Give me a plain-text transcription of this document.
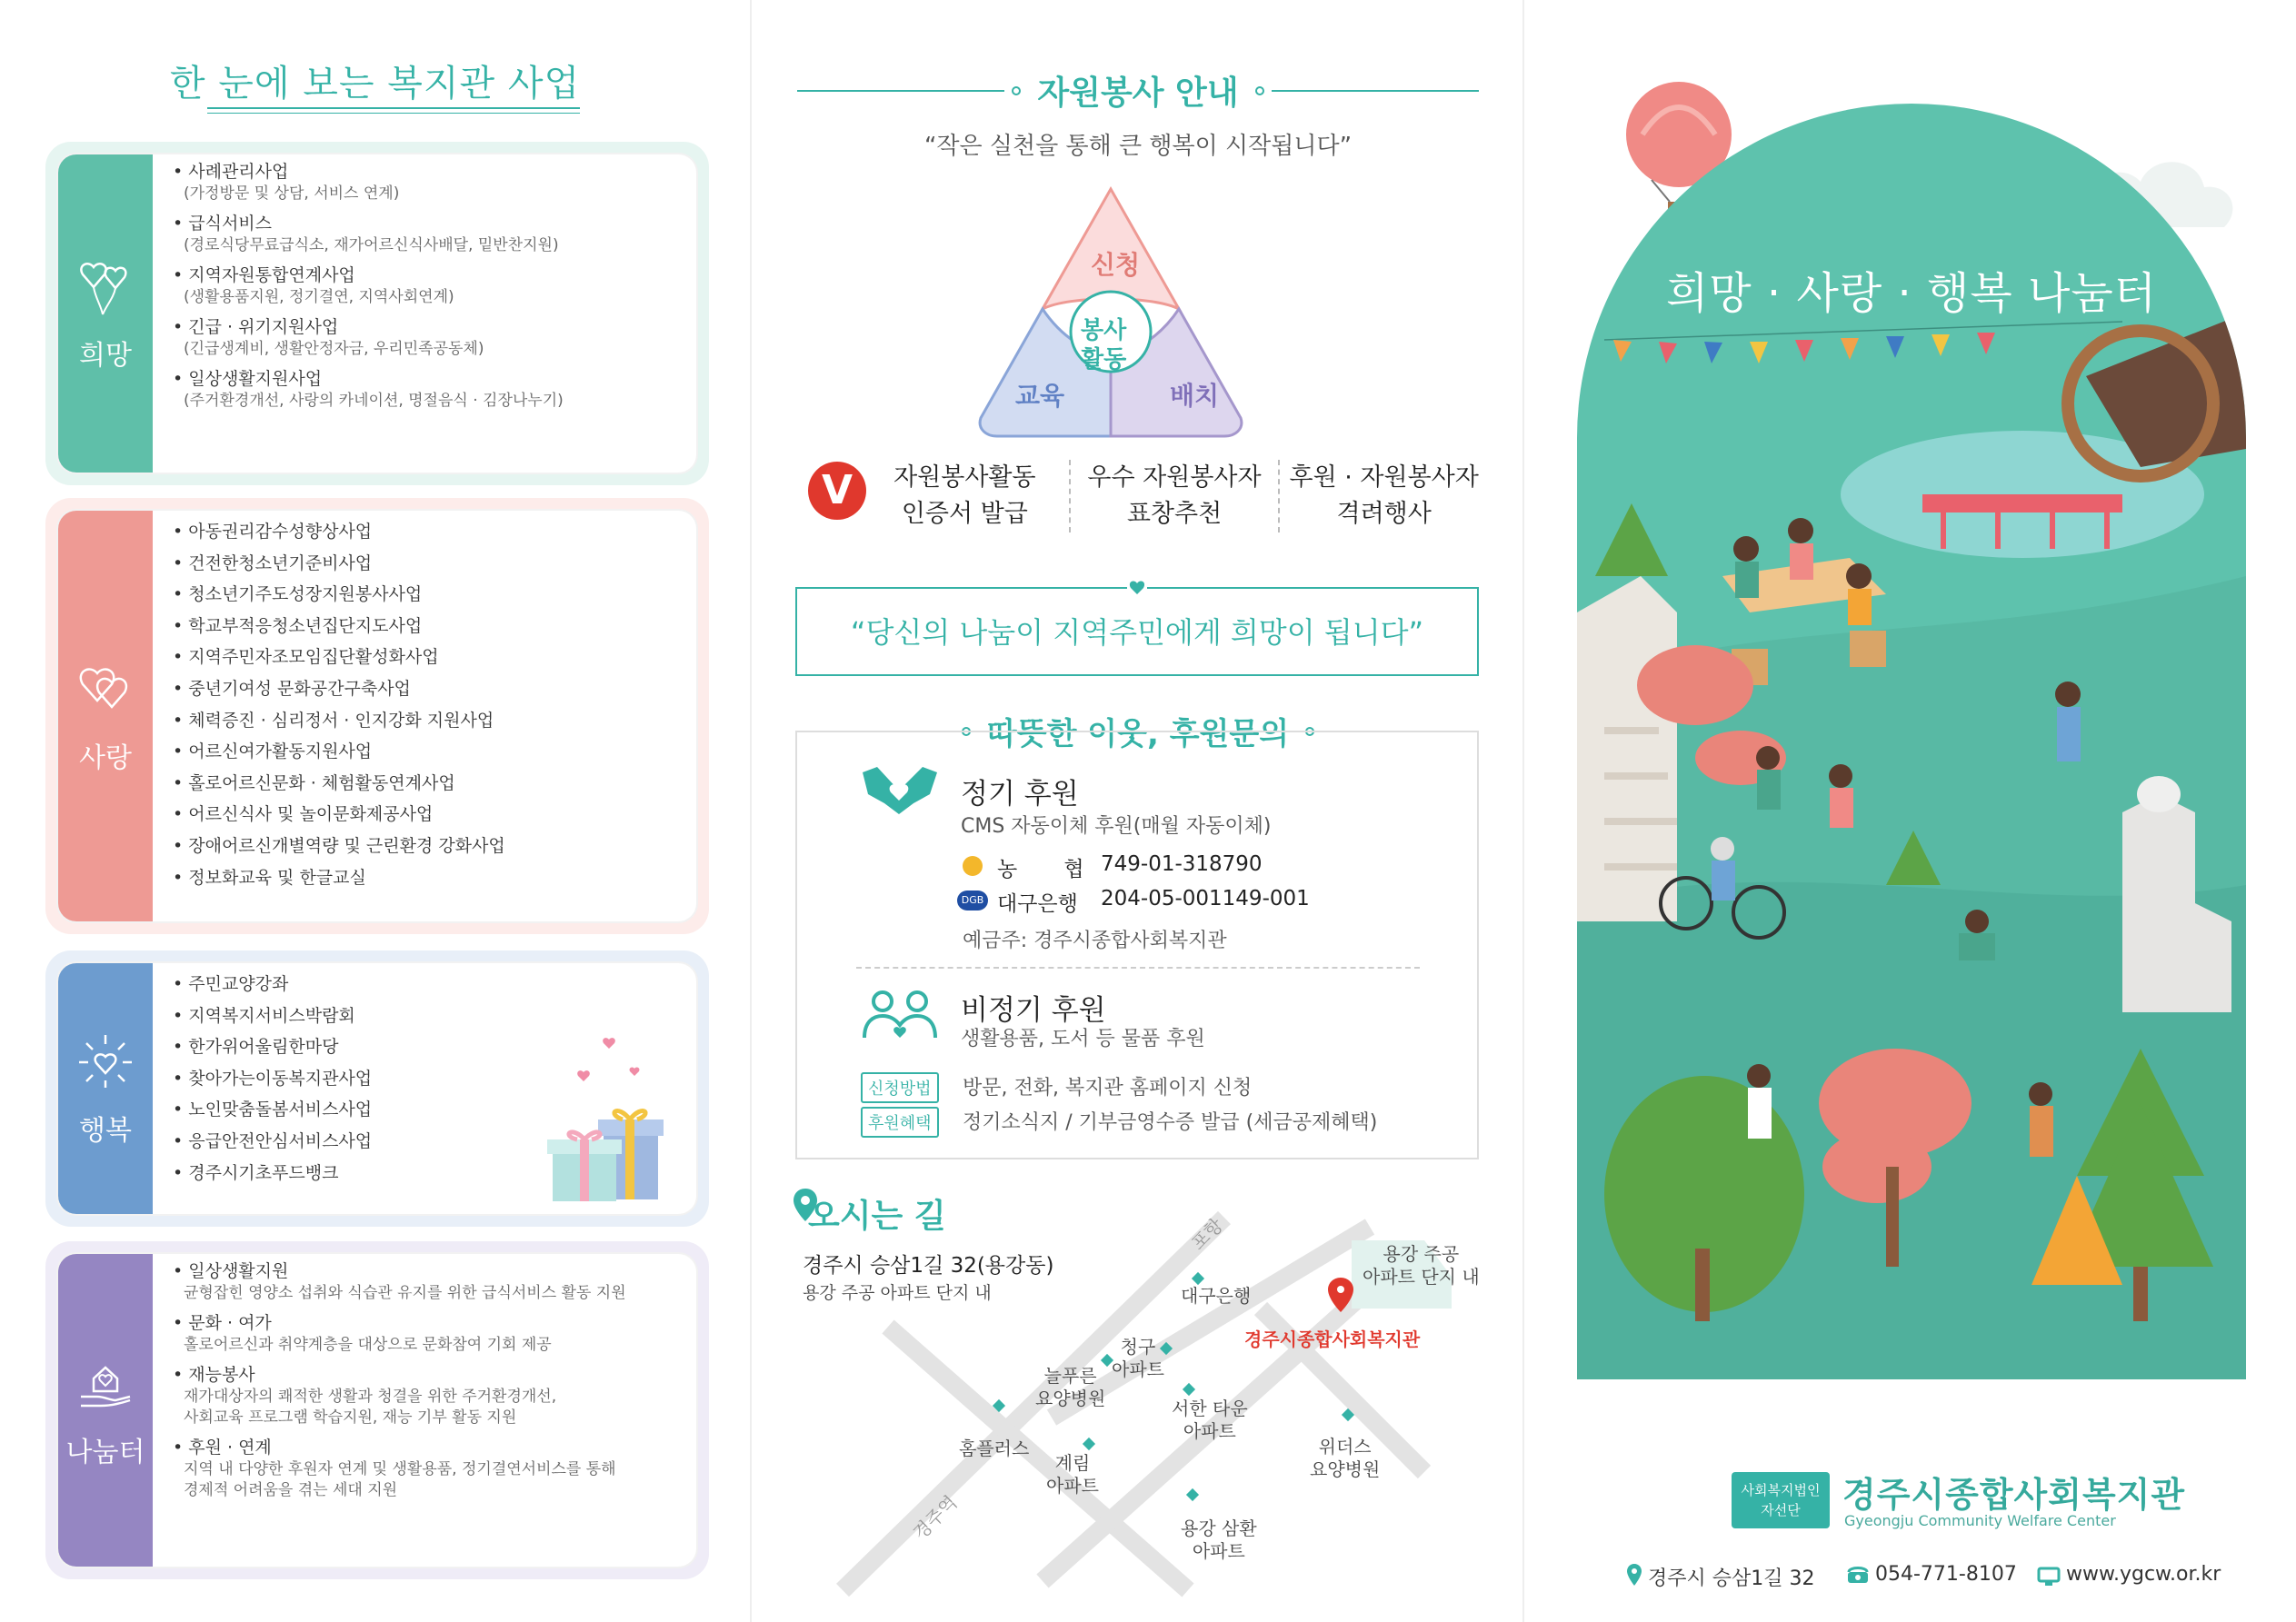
한 눈에 보는 복지관 사업
희망
• 사례관리사업
(가정방문 및 상담, 서비스 연계)
• 급식서비스
(경로식당무료급식소, 재가어르신식사배달, 밑반찬지원)
• 지역자원통합연계사업
(생활용품지원, 정기결연, 지역사회연계)
• 긴급 · 위기지원사업
(긴급생계비, 생활안정자금, 우리민족공동체)
• 일상생활지원사업
(주거환경개선, 사랑의 카네이션, 명절음식 · 김장나누기)
사랑
• 아동권리감수성향상사업
• 건전한청소년기준비사업
• 청소년기주도성장지원봉사사업
• 학교부적응청소년집단지도사업
• 지역주민자조모임집단활성화사업
• 중년기여성 문화공간구축사업
• 체력증진 · 심리정서 · 인지강화 지원사업
• 어르신여가활동지원사업
• 홀로어르신문화 · 체험활동연계사업
• 어르신식사 및 놀이문화제공사업
• 장애어르신개별역량 및 근린환경 강화사업
• 정보화교육 및 한글교실
행복
• 주민교양강좌
• 지역복지서비스박람회
• 한가위어울림한마당
• 찾아가는이동복지관사업
• 노인맞춤돌봄서비스사업
• 응급안전안심서비스사업
• 경주시기초푸드뱅크
나눔터
• 일상생활지원
균형잡힌 영양소 섭취와 식습관 유지를 위한 급식서비스 활동 지원
• 문화 · 여가
홀로어르신과 취약계층을 대상으로 문화참여 기회 제공
• 재능봉사
재가대상자의 쾌적한 생활과 청결을 위한 주거환경개선,
사회교육 프로그램 학습지원, 재능 기부 활동 지원
• 후원 · 연계
지역 내 다양한 후원자 연계 및 생활용품, 정기결연서비스를 통해
경제적 어려움을 겪는 세대 지원
자원봉사 안내
“작은 실천을 통해 큰 행복이 시작됩니다”
신청
봉사
활동
교육	배치
V	자원봉사활동
인증서 발급
우수 자원봉사자
표창추천
후원 · 자원봉사자
격려행사
“당신의 나눔이 지역주민에게 희망이 됩니다”
따뜻한 이웃, 후원문의
정기 후원
CMS 자동이체 후원(매월 자동이체)
농       협 749-01-318790
DGB 대구은행 204-05-001149-001
예금주: 경주시종합사회복지관
비정기 후원
생활용품, 도서 등 물품 후원
신청방법	방문, 전화, 복지관 홈페이지 신청
후원혜택	정기소식지 / 기부금영수증 발급 (세금공제혜택)
오시는 길
경주시 승삼1길 32(용강동)
용강 주공 아파트 단지 내
포항
경주역
대구은행
용강 주공
아파트 단지 내
경주시종합사회복지관
청구
아파트
늘푸른
요양병원	서한 타운
아파트
홈플러스
계림
아파트
위더스
요양병원
용강 삼환
아파트
희망 · 사랑 · 행복 나눔터
사회복지법인
자선단	경주시종합사회복지관
Gyeongju Community Welfare Center
경주시 승삼1길 32	054-771-8107 www.ygcw.or.kr
